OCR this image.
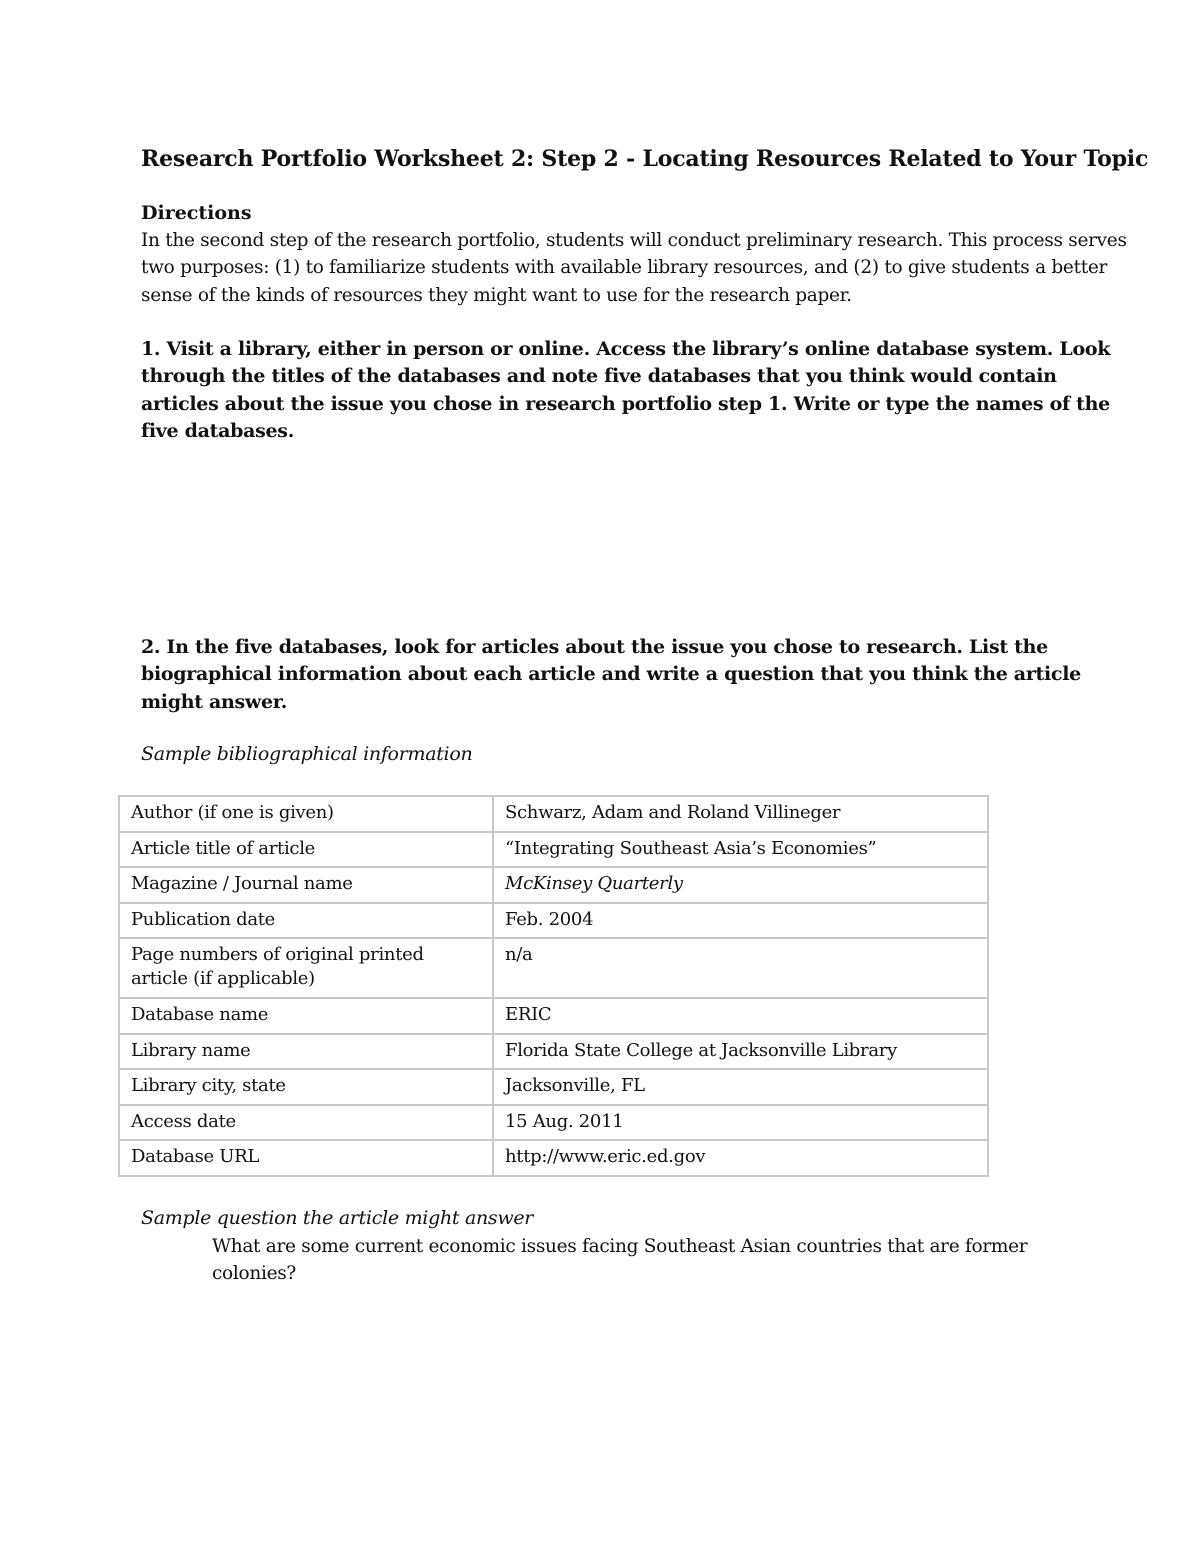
Research Portfolio Worksheet 2: Step 2 - Locating Resources Related to Your Topic
Directions

In the second step of the research portfolio, students will conduct preliminary research. This process serves two purposes: (1) to familiarize students with available library resources, and (2) to give students a better sense of the kinds of resources they might want to use for the research paper.

1. Visit a library, either in person or online. Access the library’s online database system. Look through the titles of the databases and note five databases that you think would contain articles about the issue you chose in research portfolio step 1. Write or type the names of the five databases.

2. In the five databases, look for articles about the issue you chose to research. List the biographical information about each article and write a question that you think the article might answer.

Sample bibliographical information

Author (if one is given)	Schwarz, Adam and Roland Villineger
Article title of article	“Integrating Southeast Asia’s Economies”
Magazine / Journal name	McKinsey Quarterly
Publication date	Feb. 2004
Page numbers of original printed article (if applicable)	n/a
Database name	ERIC
Library name	Florida State College at Jacksonville Library
Library city, state	Jacksonville, FL
Access date	15 Aug. 2011
Database URL	http://www.eric.ed.gov

Sample question the article might answer

What are some current economic issues facing Southeast Asian countries that are former colonies?
